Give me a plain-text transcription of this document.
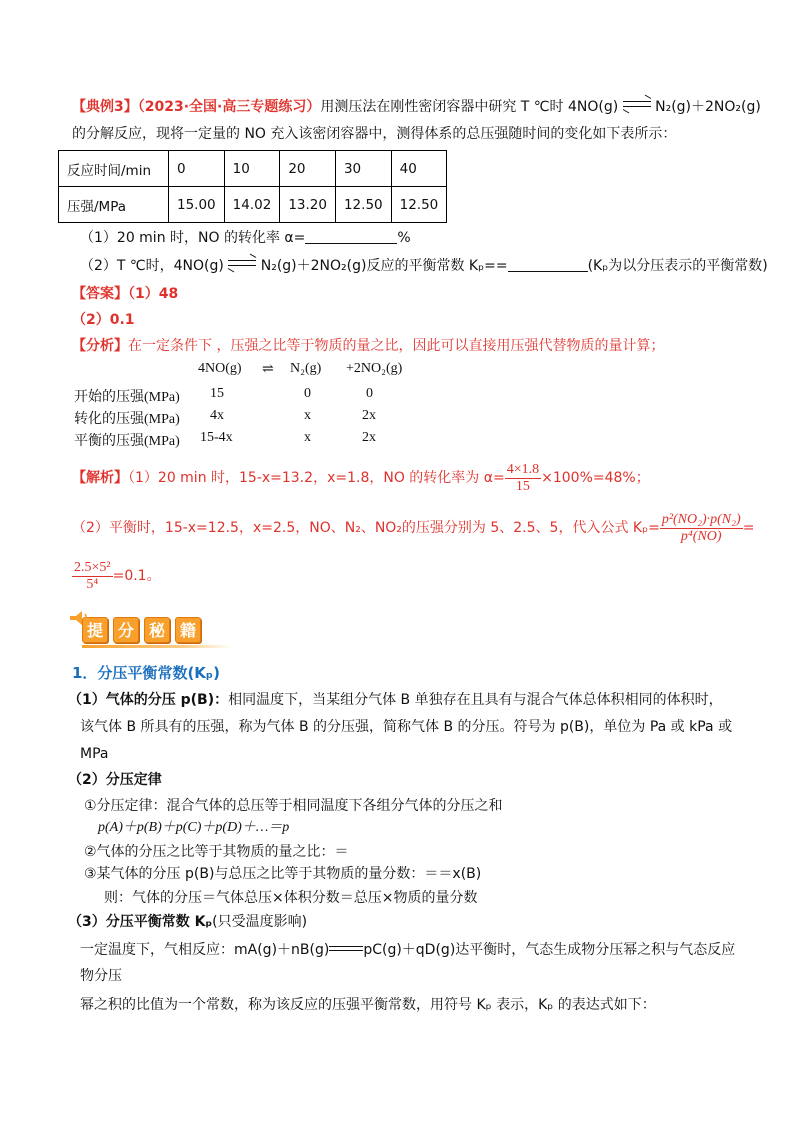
【典例3】（2023·全国·高三专题练习）用测压法在刚性密闭容器中研究 T ℃时 4NO(g)	N₂(g)＋2NO₂(g)
的分解反应，现将一定量的 NO 充入该密闭容器中，测得体系的总压强随时间的变化如下表所示：
反应时间/min	0	10	20	30	40
压强/MPa	15.00	14.02	13.20	12.50	12.50
（1）20 min 时，NO 的转化率 α=	%
（2）T ℃时，4NO(g)	N₂(g)＋2NO₂(g)反应的平衡常数 Kₚ==	(Kₚ为以分压表示的平衡常数)
【答案】（1）48
（2）0.1
【分析】在一定条件下 ，压强之比等于物质的量之比，因此可以直接用压强代替物质的量计算；
4NO(g) ⇌ N₂(g) +2NO₂(g)
开始的压强(MPa) 15	0	0
转化的压强(MPa) 4x	x	2x
平衡的压强(MPa) 15-4x	x	2x
【解析】（1）20 min 时，15-x=13.2，x=1.8，NO 的转化率为 $\alpha= \frac{4\times 1.8}{15} \times 100\%=48\%$；
（2）平衡时，15-x=12.5，x=2.5，NO、N₂、NO₂的压强分别为 5、2.5、5，代入公式 $K_p= \frac{\text{p²(NO₂)·p(N₂)}}{\text{p⁴(NO)}}$ =
$\frac{\text{2.5×5²}}{\text{5⁴}} =0.1$。
提 分 秘 籍
1．分压平衡常数(Kₚ)
（1）气体的分压 p(B)：相同温度下，当某组分气体 B 单独存在且具有与混合气体总体积相同的体积时，
该气体 B 所具有的压强，称为气体 B 的分压强，简称气体 B 的分压。符号为 p(B)，单位为 Pa 或 kPa 或
MPa
（2）分压定律
①分压定律：混合气体的总压等于相同温度下各组分气体的分压之和
p(A)＋p(B)＋p(C)＋p(D)＋…＝p
②气体的分压之比等于其物质的量之比：＝
③某气体的分压 p(B)与总压之比等于其物质的量分数：＝＝x(B)
则：气体的分压＝气体总压×体积分数＝总压×物质的量分数
（3）分压平衡常数 Kₚ(只受温度影响)
一定温度下，气相反应：mA(g)＋nB(g) pC(g)＋qD(g)达平衡时，气态生成物分压幂之积与气态反应
物分压
幂之积的比值为一个常数，称为该反应的压强平衡常数，用符号 Kₚ 表示，Kₚ 的表达式如下：
